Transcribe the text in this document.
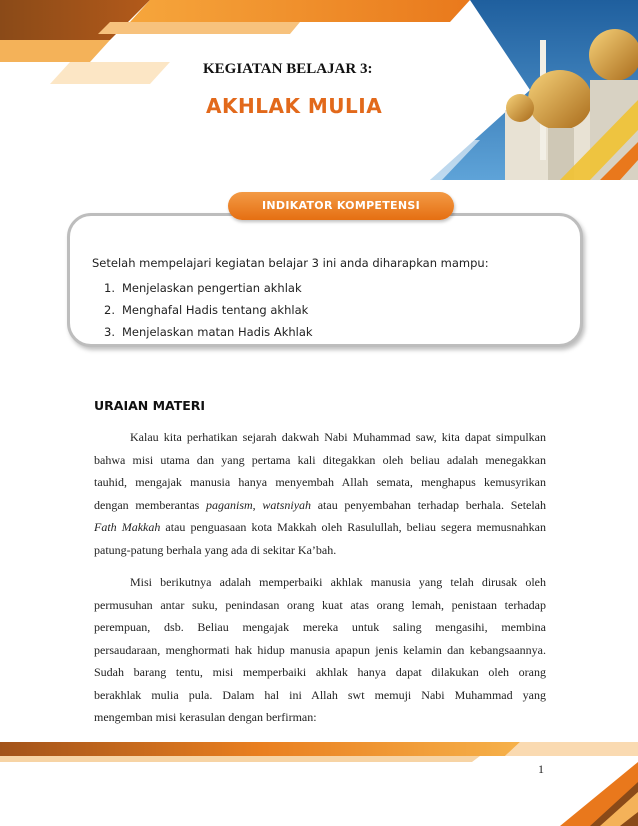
KEGIATAN BELAJAR 3:
AKHLAK MULIA
INDIKATOR KOMPETENSI
Setelah mempelajari kegiatan belajar 3 ini anda diharapkan mampu:
1. Menjelaskan pengertian akhlak
2. Menghafal Hadis tentang akhlak
3. Menjelaskan matan Hadis Akhlak
URAIAN MATERI
Kalau kita perhatikan sejarah dakwah Nabi Muhammad saw, kita dapat simpulkan
bahwa misi utama dan yang pertama kali ditegakkan oleh beliau adalah menegakkan
tauhid, mengajak manusia hanya menyembah Allah semata, menghapus kemusyrikan
dengan memberantas paganism, watsniyah atau penyembahan terhadap berhala. Setelah
Fath Makkah atau penguasaan kota Makkah oleh Rasulullah, beliau segera memusnahkan
patung-patung berhala yang ada di sekitar Ka’bah.
Misi berikutnya adalah memperbaiki akhlak manusia yang telah dirusak oleh
permusuhan antar suku, penindasan orang kuat atas orang lemah, penistaan terhadap
perempuan, dsb. Beliau mengajak mereka untuk saling mengasihi, membina
persaudaraan, menghormati hak hidup manusia apapun jenis kelamin dan kebangsaannya.
Sudah barang tentu, misi memperbaiki akhlak hanya dapat dilakukan oleh orang
berakhlak mulia pula. Dalam hal ini Allah swt memuji Nabi Muhammad yang
mengemban misi kerasulan dengan berfirman:
1
